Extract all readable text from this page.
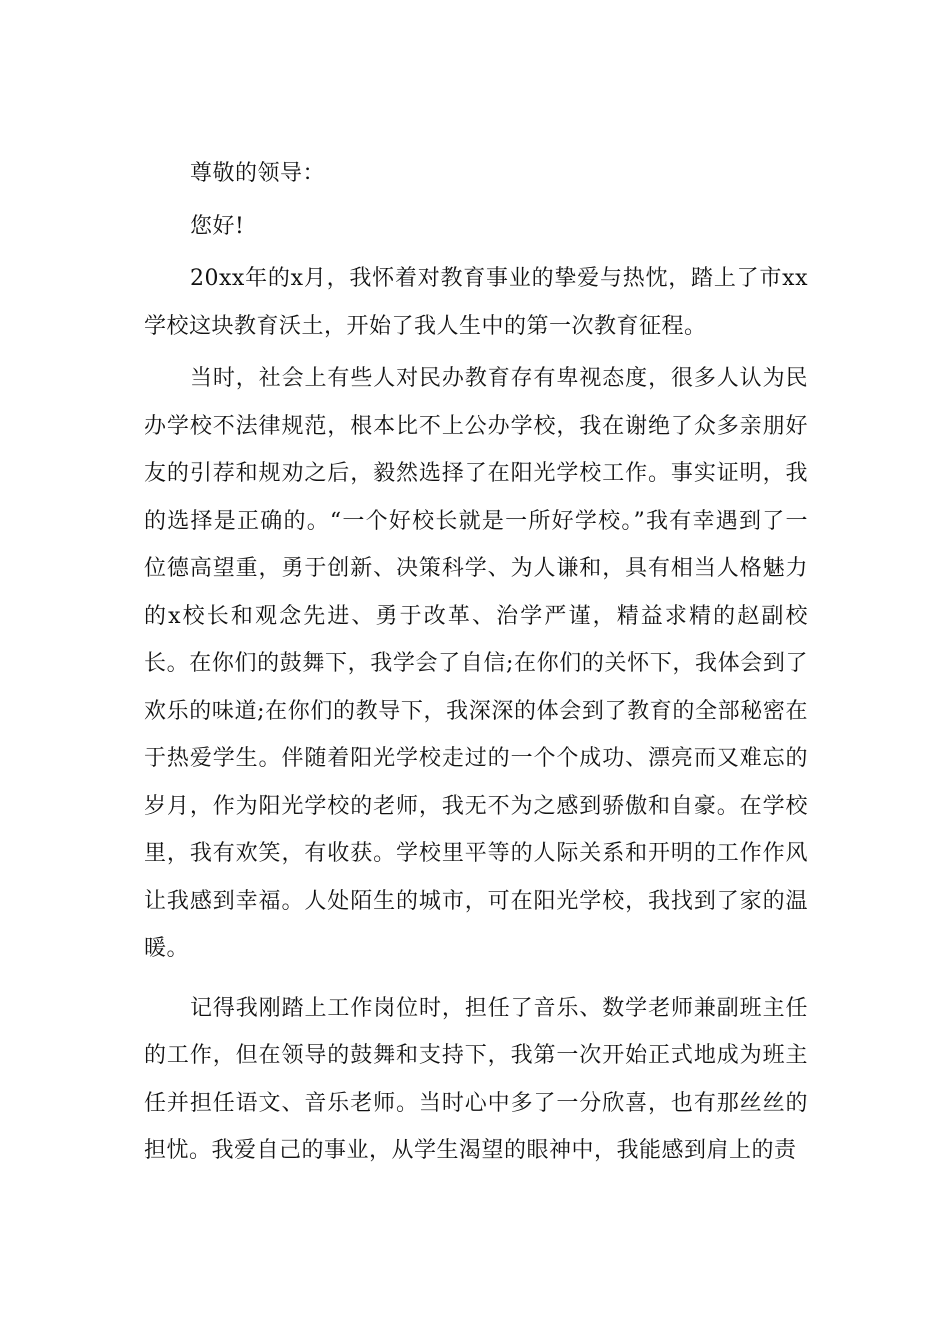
尊敬的领导：

您好!

20xx年的x月，我怀着对教育事业的挚爱与热忱，踏上了市xx学校这块教育沃土，开始了我人生中的第一次教育征程。

当时，社会上有些人对民办教育存有卑视态度，很多人认为民办学校不法律规范，根本比不上公办学校，我在谢绝了众多亲朋好友的引荐和规劝之后，毅然选择了在阳光学校工作。事实证明，我的选择是正确的。“一个好校长就是一所好学校。”我有幸遇到了一位德高望重，勇于创新、决策科学、为人谦和，具有相当人格魅力的x校长和观念先进、勇于改革、治学严谨，精益求精的赵副校长。在你们的鼓舞下，我学会了自信;在你们的关怀下，我体会到了欢乐的味道;在你们的教导下，我深深的体会到了教育的全部秘密在于热爱学生。伴随着阳光学校走过的一个个成功、漂亮而又难忘的岁月，作为阳光学校的老师，我无不为之感到骄傲和自豪。在学校里，我有欢笑，有收获。学校里平等的人际关系和开明的工作作风让我感到幸福。人处陌生的城市，可在阳光学校，我找到了家的温暖。

记得我刚踏上工作岗位时，担任了音乐、数学老师兼副班主任的工作，但在领导的鼓舞和支持下，我第一次开始正式地成为班主任并担任语文、音乐老师。当时心中多了一分欣喜，也有那丝丝的担忧。我爱自己的事业，从学生渴望的眼神中，我能感到肩上的责
